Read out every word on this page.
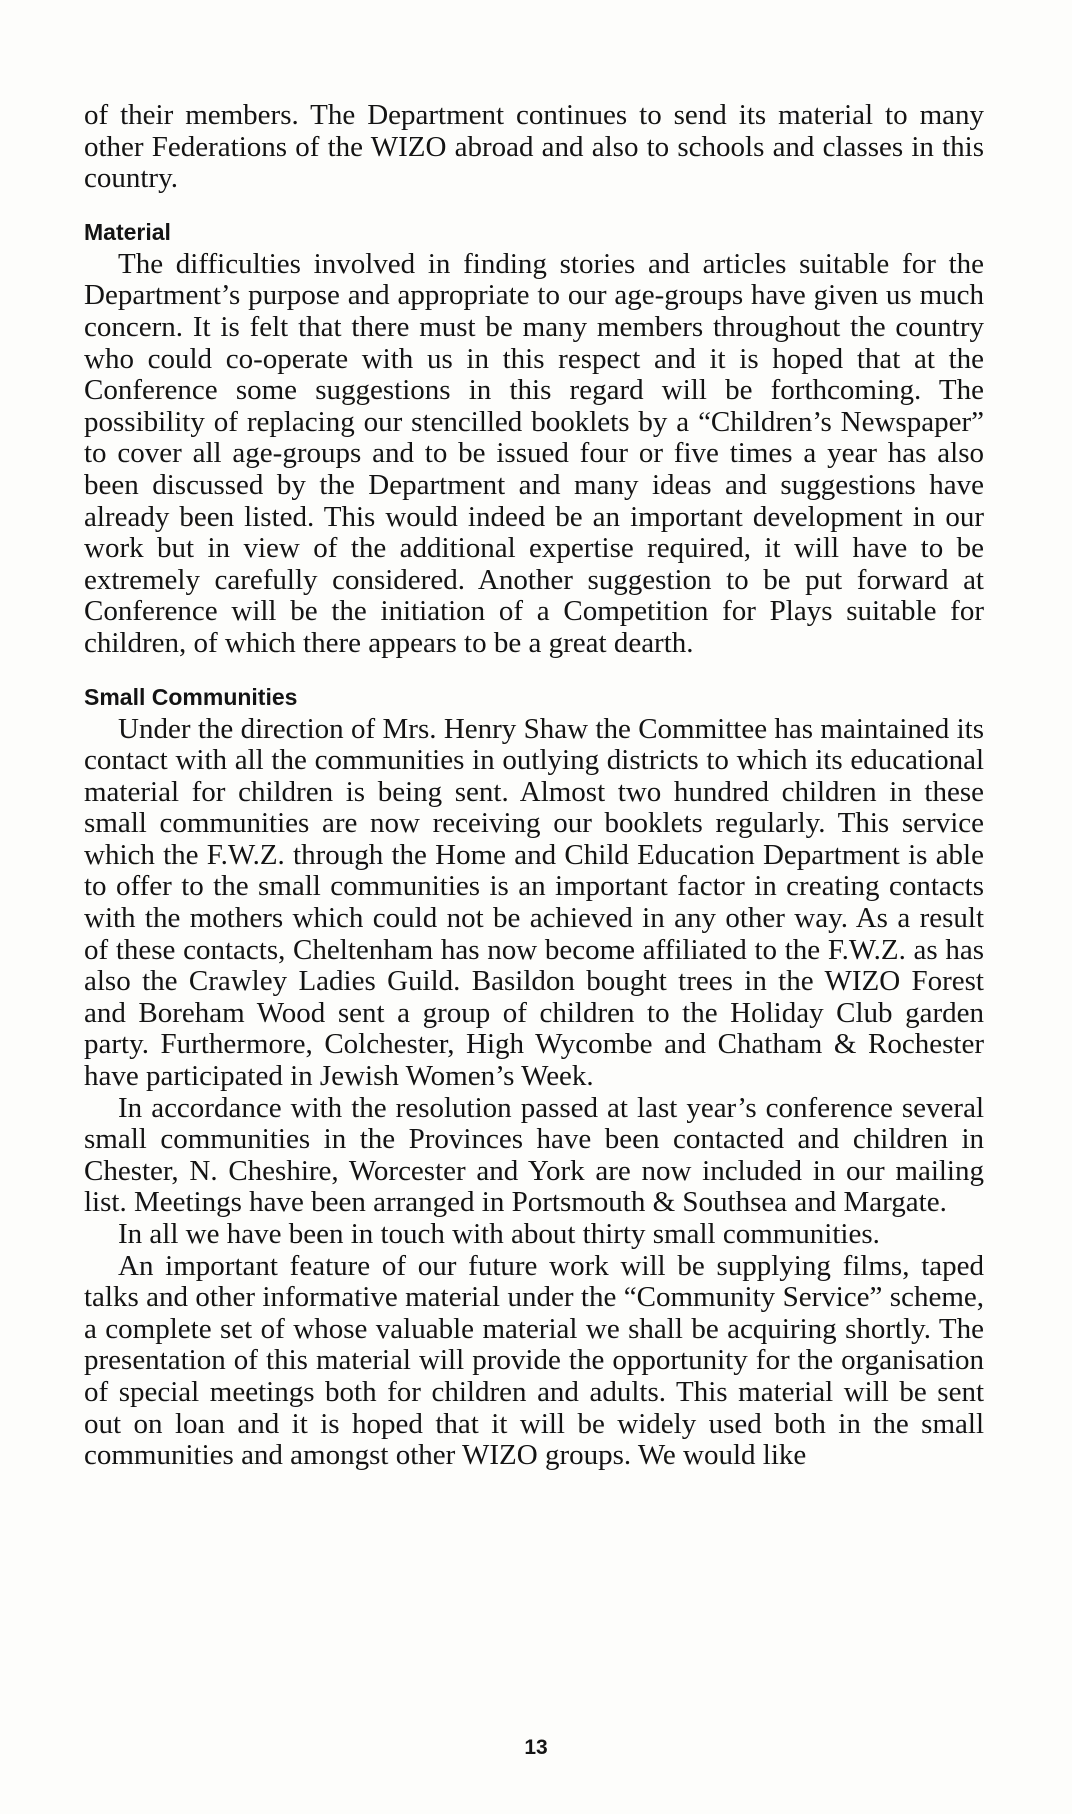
of their members. The Department continues to send its material to many other Federations of the WIZO abroad and also to schools and classes in this country.

Material

The difficulties involved in finding stories and articles suitable for the Department’s purpose and appropriate to our age-groups have given us much concern. It is felt that there must be many members throughout the country who could co-operate with us in this respect and it is hoped that at the Conference some suggestions in this regard will be forthcoming. The possibility of replacing our stencilled booklets by a “Children’s Newspaper” to cover all age-groups and to be issued four or five times a year has also been discussed by the Department and many ideas and suggestions have already been listed. This would indeed be an important development in our work but in view of the additional expertise required, it will have to be extremely carefully considered. Another suggestion to be put forward at Conference will be the initiation of a Competition for Plays suitable for children, of which there appears to be a great dearth.

Small Communities

Under the direction of Mrs. Henry Shaw the Committee has maintained its contact with all the communities in outlying districts to which its educational material for children is being sent. Almost two hundred children in these small communities are now receiving our booklets regularly. This service which the F.W.Z. through the Home and Child Education Department is able to offer to the small communities is an important factor in creating contacts with the mothers which could not be achieved in any other way. As a result of these contacts, Cheltenham has now become affiliated to the F.W.Z. as has also the Crawley Ladies Guild. Basildon bought trees in the WIZO Forest and Boreham Wood sent a group of children to the Holiday Club garden party. Furthermore, Colchester, High Wycombe and Chatham & Rochester have participated in Jewish Women’s Week.

In accordance with the resolution passed at last year’s conference several small communities in the Provinces have been contacted and children in Chester, N. Cheshire, Worcester and York are now included in our mailing list. Meetings have been arranged in Portsmouth & Southsea and Margate.

In all we have been in touch with about thirty small communities.

An important feature of our future work will be supplying films, taped talks and other informative material under the “Community Service” scheme, a complete set of whose valuable material we shall be acquiring shortly. The presentation of this material will provide the opportunity for the organisation of special meetings both for children and adults. This material will be sent out on loan and it is hoped that it will be widely used both in the small communities and amongst other WIZO groups. We would like

13
